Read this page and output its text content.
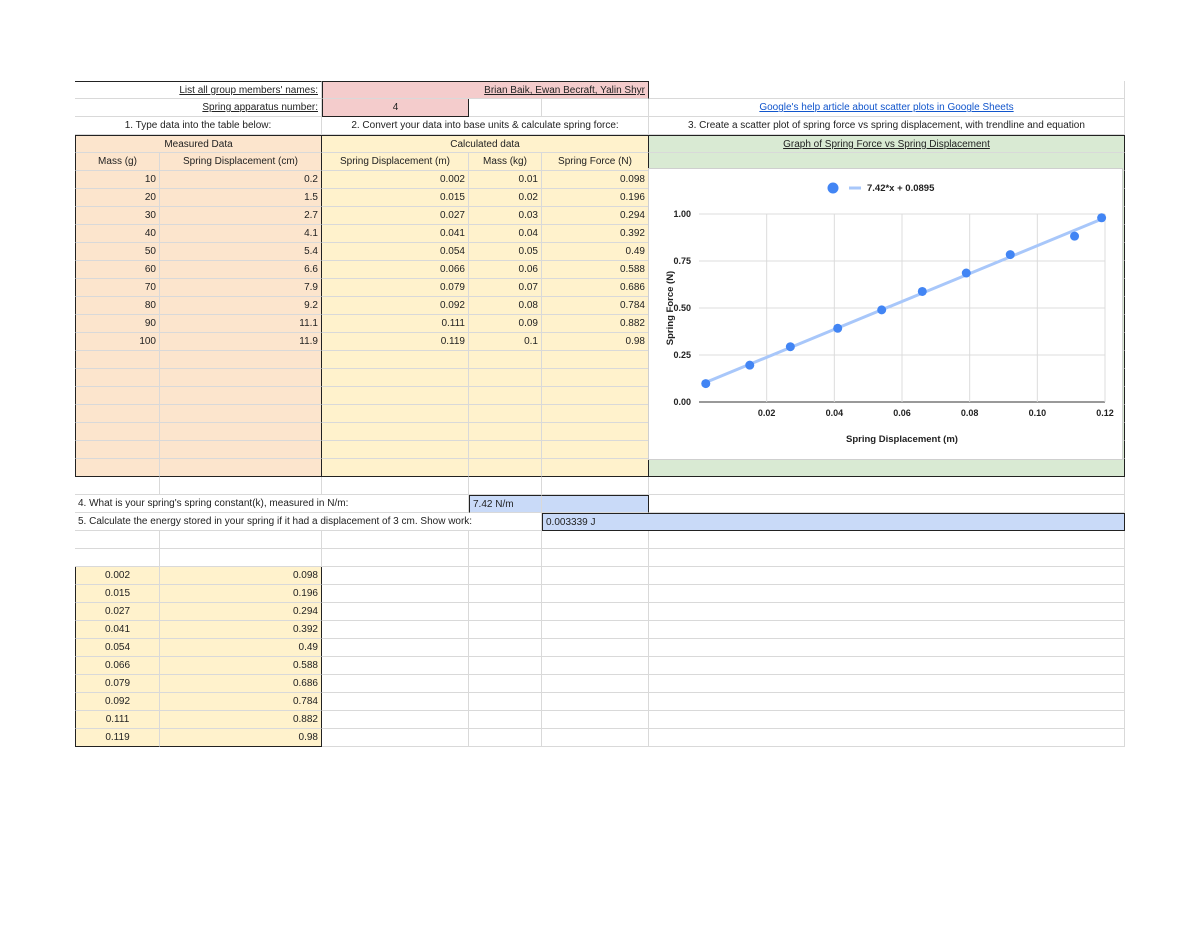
List all group members' names:	Brian Baik, Ewan Becraft, Yalin Shyr
Spring apparatus number:	4	Google's help article about scatter plots in Google Sheets
1. Type data into the table below:	2. Convert your data into base units & calculate spring force:	3. Create a scatter plot of spring force vs spring displacement, with trendline and equation
Measured Data	Calculated data	Graph of Spring Force vs Spring Displacement
Mass (g)	Spring Displacement (cm)	Spring Displacement (m)	Mass (kg)	Spring Force (N)
10	0.2	0.002	0.01	0.098
20	1.5	0.015	0.02	0.196
30	2.7	0.027	0.03	0.294
40	4.1	0.041	0.04	0.392
50	5.4	0.054	0.05	0.49
60	6.6	0.066	0.06	0.588
70	7.9	0.079	0.07	0.686
80	9.2	0.092	0.08	0.784
90	11.1	0.111	0.09	0.882
100	11.9	0.119	0.1	0.98
4. What is your spring's spring constant(k), measured in N/m:	7.42 N/m
5. Calculate the energy stored in your spring if it had a displacement of 3 cm. Show work:	0.003339 J
0.002	0.098
0.015	0.196
0.027	0.294
0.041	0.392
0.054	0.49
0.066	0.588
0.079	0.686
0.092	0.784
0.111	0.882
0.119	0.98
0.00
0.25
0.50
0.75
1.00
0.02	0.04	0.06	0.08	0.10	0.12
7.42*x + 0.0895
Spring Displacement (m)
Spring Force (N)
